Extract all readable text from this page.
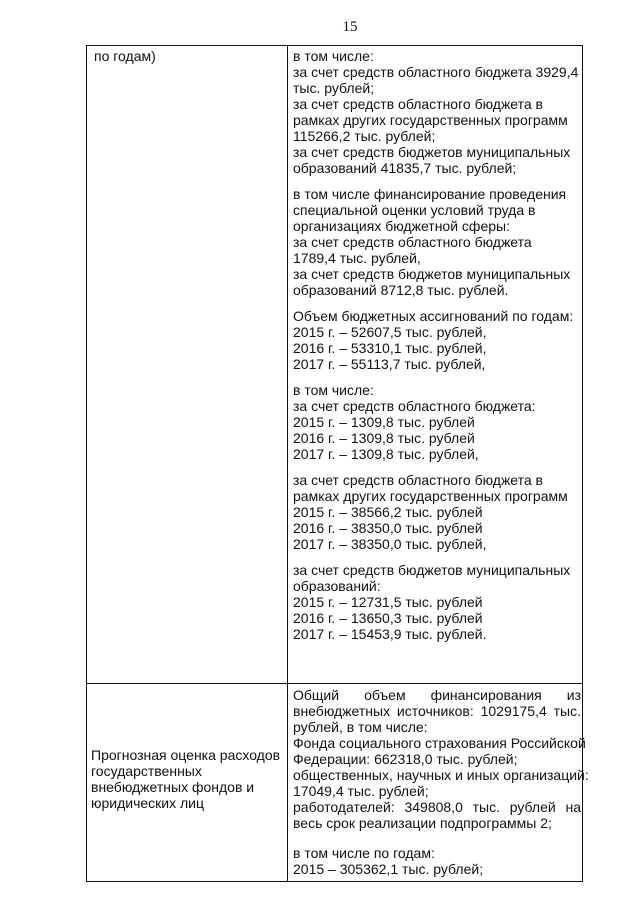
15
по годам)	в том числе:
за счет средств областного бюджета 3929,4
тыс. рублей;
за счет средств областного бюджета в
рамках других государственных программ
115266,2 тыс. рублей;
за счет средств бюджетов муниципальных
образований 41835,7 тыс. рублей;
в том числе финансирование проведения
специальной оценки условий труда в
организациях бюджетной сферы:
за счет средств областного бюджета
1789,4 тыс. рублей,
за счет средств бюджетов муниципальных
образований 8712,8 тыс. рублей.
Объем бюджетных ассигнований по годам:
2015 г. – 52607,5 тыс. рублей,
2016 г. – 53310,1 тыс. рублей,
2017 г. – 55113,7 тыс. рублей,
в том числе:
за счет средств областного бюджета:
2015 г. – 1309,8 тыс. рублей
2016 г. – 1309,8 тыс. рублей
2017 г. – 1309,8 тыс. рублей,
за счет средств областного бюджета в
рамках других государственных программ
2015 г. – 38566,2 тыс. рублей
2016 г. – 38350,0 тыс. рублей
2017 г. – 38350,0 тыс. рублей,
за счет средств бюджетов муниципальных
образований:
2015 г. – 12731,5 тыс. рублей
2016 г. – 13650,3 тыс. рублей
2017 г. – 15453,9 тыс. рублей.
Прогнозная оценка расходов
государственных
внебюджетных фондов и
юридических лиц
Общий объем финансирования из
внебюджетных источников: 1029175,4 тыс.
рублей, в том числе:
Фонда социального страхования Российской
Федерации: 662318,0 тыс. рублей;
общественных, научных и иных организаций:
17049,4 тыс. рублей;
работодателей: 349808,0 тыс. рублей на
весь срок реализации подпрограммы 2;
в том числе по годам:
2015 – 305362,1 тыс. рублей;
